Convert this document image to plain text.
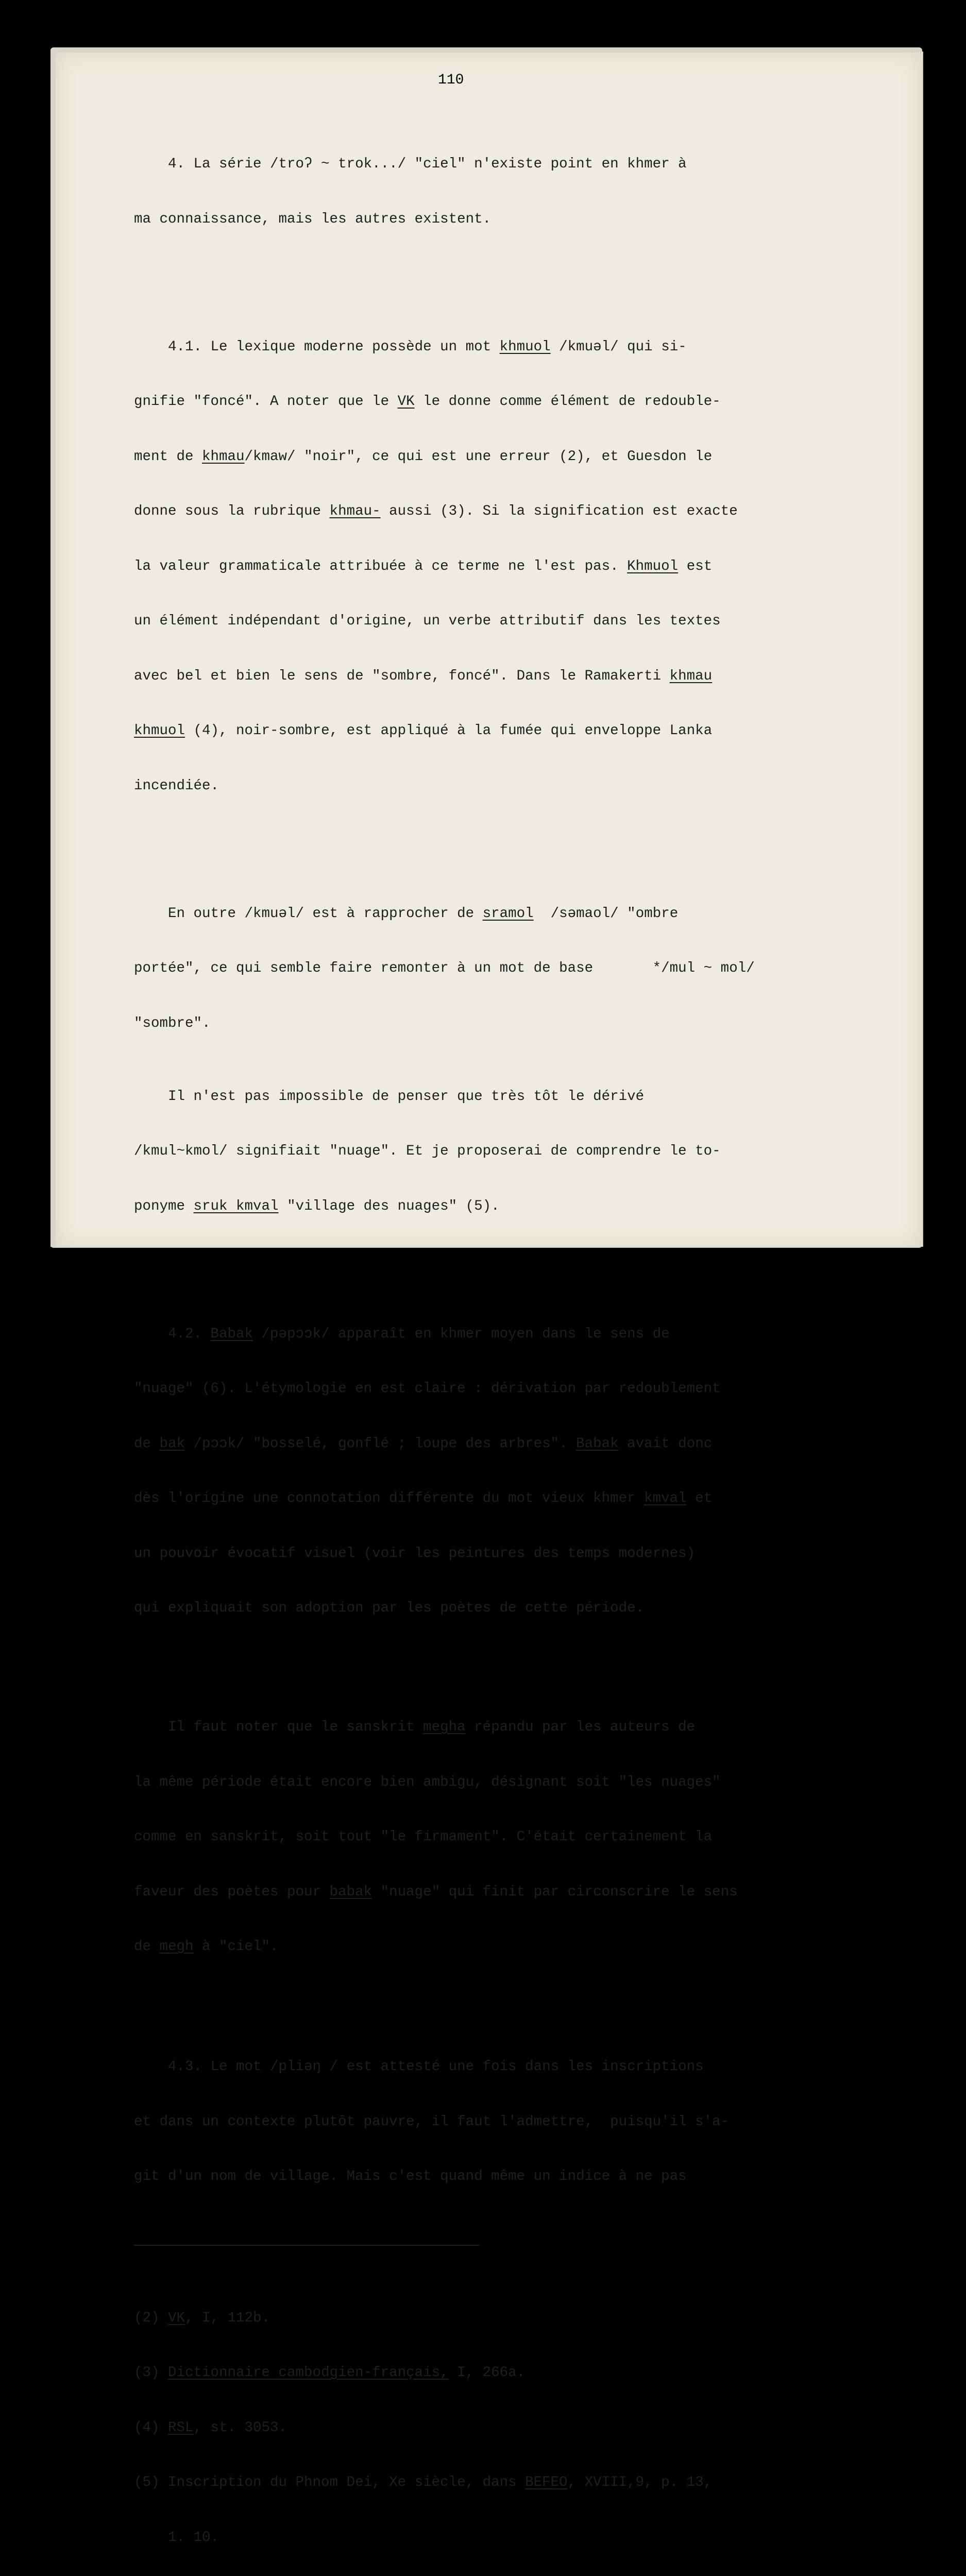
110

4. La série /troʔ ~ trok.../ "ciel" n'existe point en khmer à

ma connaissance, mais les autres existent.

4.1. Le lexique moderne possède un mot khmuol /kmuəl/ qui si-

gnifie "foncé". A noter que le VK le donne comme élément de redouble-

ment de khmau/kmaw/ "noir", ce qui est une erreur (2), et Guesdon le

donne sous la rubrique khmau- aussi (3). Si la signification est exacte

la valeur grammaticale attribuée à ce terme ne l'est pas. Khmuol est

un élément indépendant d'origine, un verbe attributif dans les textes

avec bel et bien le sens de "sombre, foncé". Dans le Ramakerti khmau

khmuol (4), noir-sombre, est appliqué à la fumée qui enveloppe Lanka

incendiée.

En outre /kmuəl/ est à rapprocher de sramol  /səmaol/ "ombre

portée", ce qui semble faire remonter à un mot de base       */mul ~ mol/

"sombre".

Il n'est pas impossible de penser que très tôt le dérivé

/kmul~kmol/ signifiait "nuage". Et je proposerai de comprendre le to-

ponyme sruk kmval "village des nuages" (5).

4.2. Babak /pəpɔɔk/ apparaît en khmer moyen dans le sens de

"nuage" (6). L'étymologie en est claire : dérivation par redoublement

de bak /pɔɔk/ "bosselé, gonflé ; loupe des arbres". Babak avait donc

dès l'origine une connotation différente du mot vieux khmer kmval et

un pouvoir évocatif visuel (voir les peintures des temps modernes)

qui expliquait son adoption par les poètes de cette période.

Il faut noter que le sanskrit megha répandu par les auteurs de

la même période était encore bien ambigu, désignant soit "les nuages"

comme en sanskrit, soit tout "le firmament". C'était certainement la

faveur des poètes pour babak "nuage" qui finit par circonscrire le sens

de megh à "ciel".

4.3. Le mot /pliəŋ / est attesté une fois dans les inscriptions

et dans un contexte plutôt pauvre, il faut l'admettre,  puisqu'il s'a-

git d'un nom de village. Mais c'est quand même un indice à ne pas

(2) VK, I, 112b.

(3) Dictionnaire cambodgien-français, I, 266a.

(4) RSL, st. 3053.

(5) Inscription du Phnom Dei, Xe siècle, dans BEFEO, XVIII,9, p. 13,

1. 10.
